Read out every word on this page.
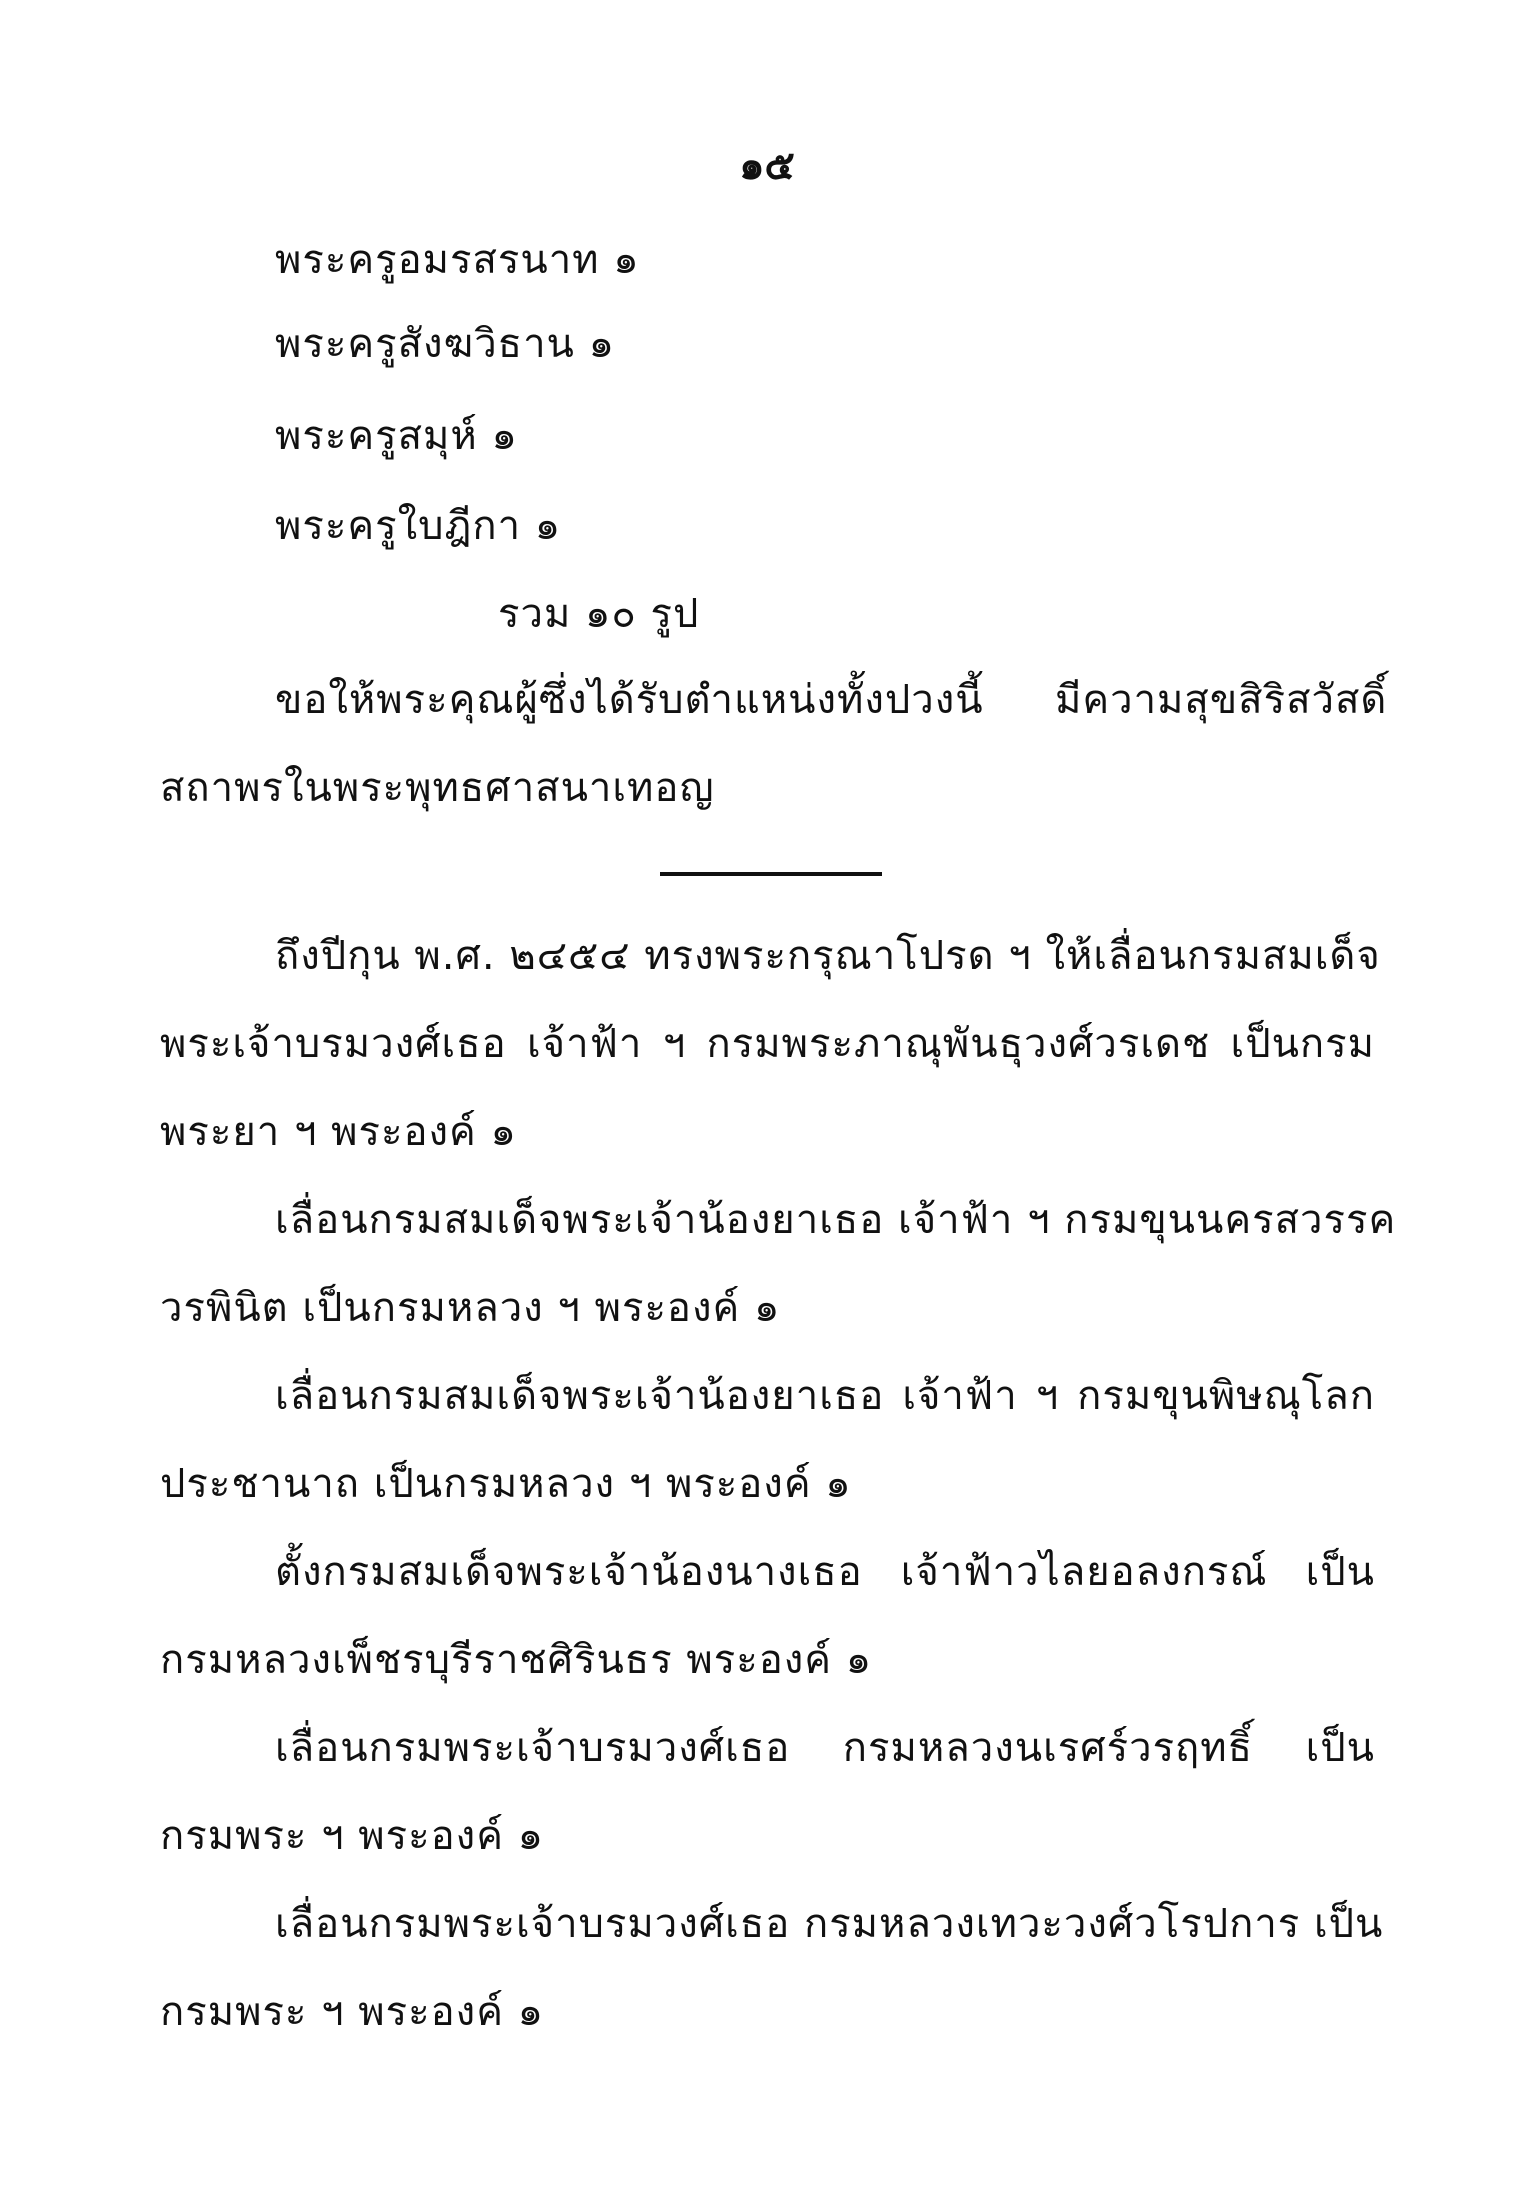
๑๕
พระครูอมรสรนาท ๑
พระครูสังฆวิธาน ๑
พระครูสมุห์ ๑
พระครูใบฎีกา ๑
รวม ๑๐ รูป
ขอให้พระคุณผู้ซึ่งได้รับตำแหน่งทั้งปวงนี้ มีความสุขสิริสวัสดิ์
สถาพรในพระพุทธศาสนาเทอญ
ถึงปีกุน พ.ศ. ๒๔๕๔ ทรงพระกรุณาโปรด ฯ ให้เลื่อนกรมสมเด็จ
พระเจ้าบรมวงศ์เธอ เจ้าฟ้า ฯ กรมพระภาณุพันธุวงศ์วรเดช เป็นกรม
พระยา ฯ พระองค์ ๑
เลื่อนกรมสมเด็จพระเจ้าน้องยาเธอ เจ้าฟ้า ฯ กรมขุนนครสวรรค
วรพินิต เป็นกรมหลวง ฯ พระองค์ ๑
เลื่อนกรมสมเด็จพระเจ้าน้องยาเธอ เจ้าฟ้า ฯ กรมขุนพิษณุโลก
ประชานาถ เป็นกรมหลวง ฯ พระองค์ ๑
ตั้งกรมสมเด็จพระเจ้าน้องนางเธอ เจ้าฟ้าวไลยอลงกรณ์ เป็น
กรมหลวงเพ็ชรบุรีราชศิรินธร พระองค์ ๑
เลื่อนกรมพระเจ้าบรมวงศ์เธอ กรมหลวงนเรศร์วรฤทธิ์ เป็น
กรมพระ ฯ พระองค์ ๑
เลื่อนกรมพระเจ้าบรมวงศ์เธอ กรมหลวงเทวะวงศ์วโรปการ เป็น
กรมพระ ฯ พระองค์ ๑
